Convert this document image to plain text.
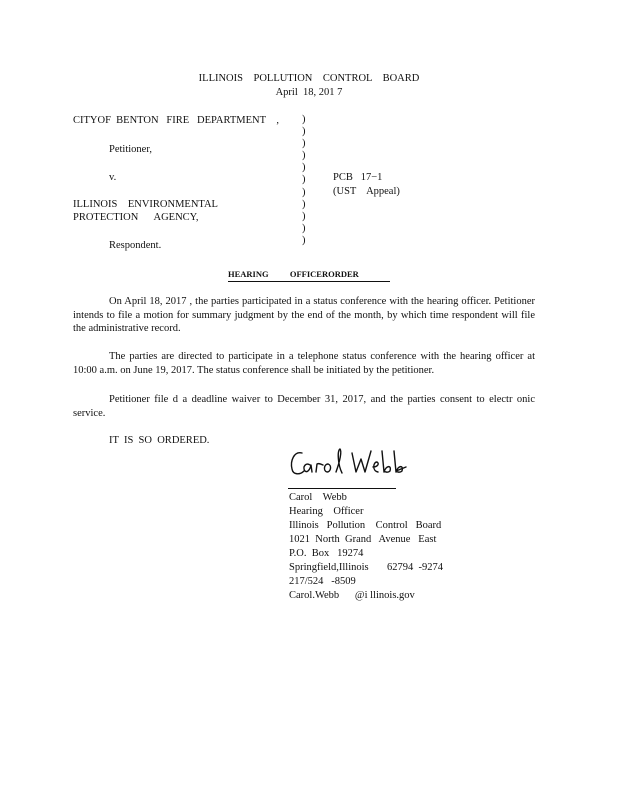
ILLINOIS    POLLUTION    CONTROL    BOARD
April  18, 201 7
CITYOF  BENTON   FIRE   DEPARTMENT    ,
Petitioner,
v.
ILLINOIS    ENVIRONMENTAL
PROTECTION      AGENCY,
Respondent.
)
)
)
)
)
)
)
)
)
)
)
PCB   17−1
(UST    Appeal)
HEARING          OFFICERORDER
On April 18, 2017 , the parties participated in a status conference with the hearing officer. Petitioner intends to file a motion for summary judgment by the end of the month, by which time respondent will file the administrative record.
The parties are directed to participate in a telephone status conference with the hearing officer at 10:00 a.m. on June 19, 2017. The status conference shall be initiated by the petitioner.
Petitioner file d a deadline waiver to December 31, 2017, and the parties consent to electr onic service.
IT  IS  SO  ORDERED.
Carol    Webb
Hearing    Officer
Illinois   Pollution    Control   Board
1021  North  Grand   Avenue   East
P.O.  Box   19274
Springfield,Illinois       62794  -9274
217/524   -8509
Carol.Webb      @i llinois.gov
